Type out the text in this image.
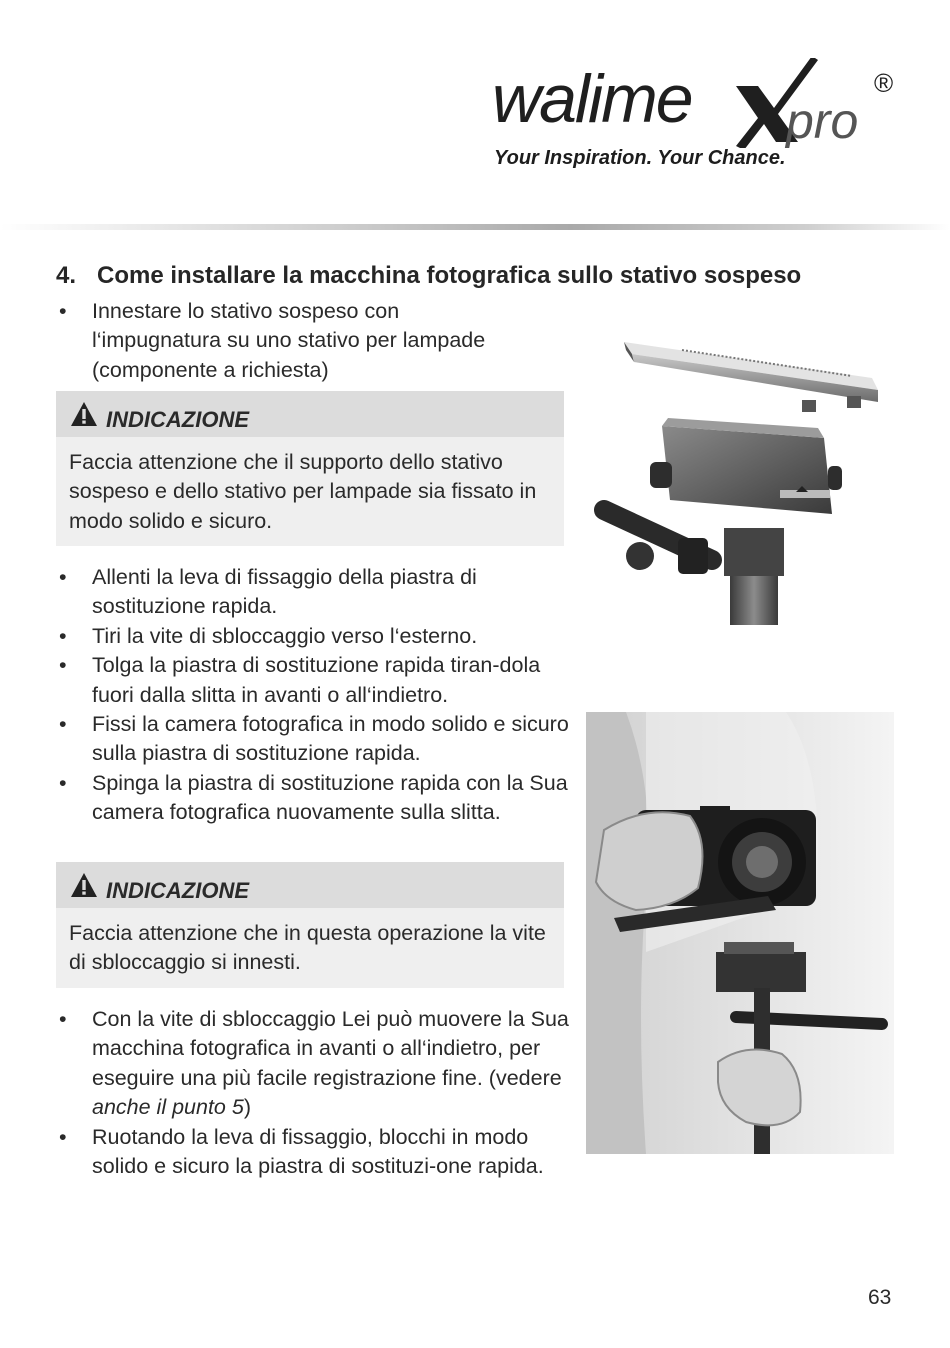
walime pro
®
Your Inspiration. Your Chance.
4. Come installare la macchina fotografica sullo stativo sospeso
• Innestare lo stativo sospeso con l‘impugnatura su uno stativo per lampade (componente a richiesta)
INDICAZIONE
Faccia attenzione che il supporto dello stativo sospeso e dello stativo per lampade sia fissato in modo solido e sicuro.
• Allenti la leva di fissaggio della piastra di sostituzione rapida.
• Tiri la vite di sbloccaggio verso l‘esterno.
• Tolga la piastra di sostituzione rapida tiran-dola fuori dalla slitta in avanti o all‘indietro.
• Fissi la camera fotografica in modo solido e sicuro sulla piastra di sostituzione rapida.
• Spinga la piastra di sostituzione rapida con la Sua camera fotografica nuovamente sulla slitta.
INDICAZIONE
Faccia attenzione che in questa operazione la vite di sbloccaggio si innesti.
• Con la vite di sbloccaggio Lei può muovere la Sua macchina fotografica in avanti o all‘indietro, per eseguire una più facile registrazione fine. (vedere anche il punto 5)
• Ruotando la leva di fissaggio, blocchi in modo solido e sicuro la piastra di sostituzi-one rapida.
63
